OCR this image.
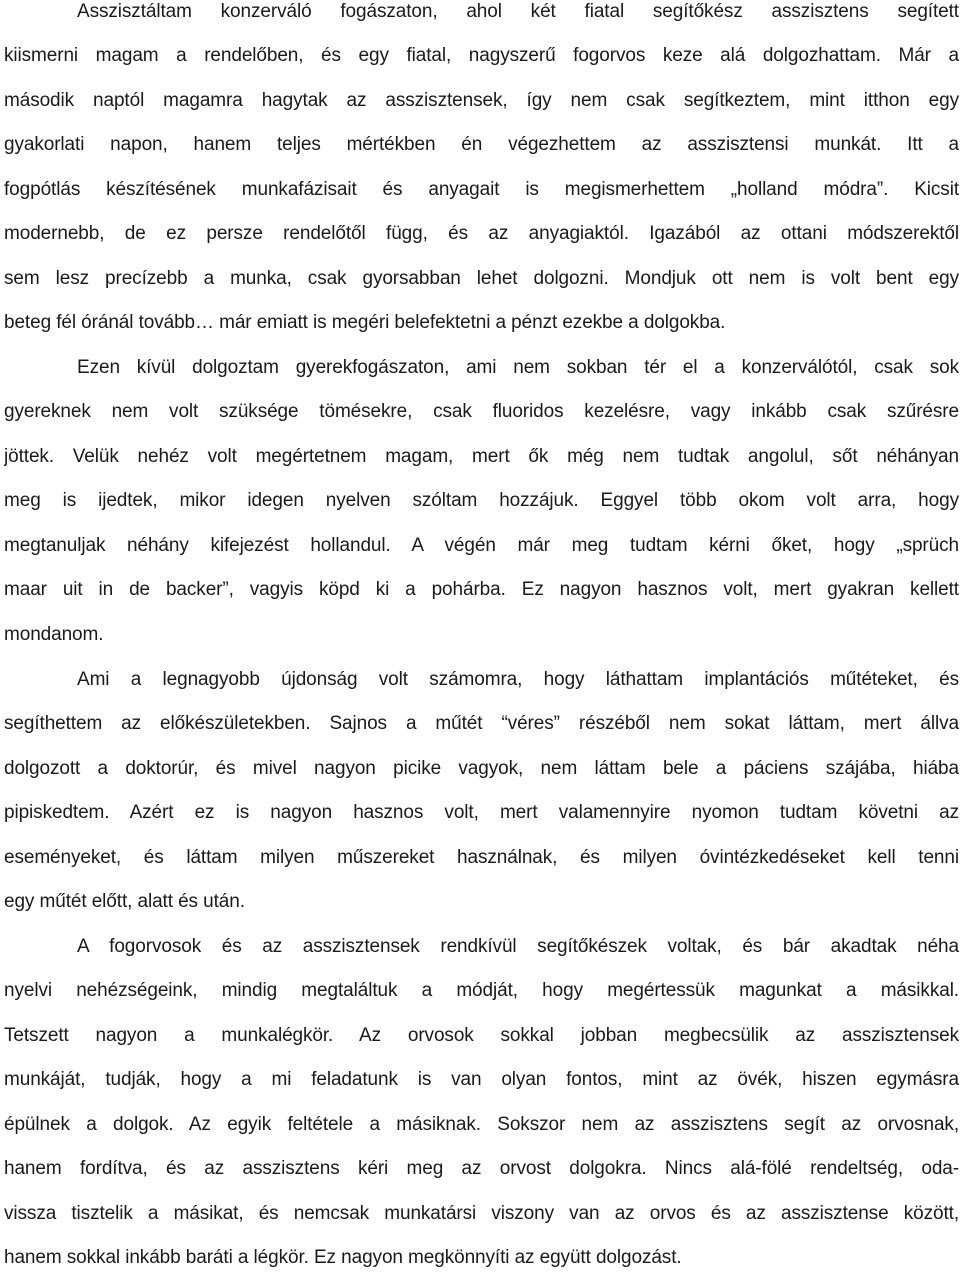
Asszisztáltam konzerváló fogászaton, ahol két fiatal segítőkész asszisztens segített
kiismerni magam a rendelőben, és egy fiatal, nagyszerű fogorvos keze alá dolgozhattam. Már a
második naptól magamra hagytak az asszisztensek, így nem csak segítkeztem, mint itthon egy
gyakorlati napon, hanem teljes mértékben én végezhettem az asszisztensi munkát. Itt a
fogpótlás készítésének munkafázisait és anyagait is megismerhettem „holland módra”. Kicsit
modernebb, de ez persze rendelőtől függ, és az anyagiaktól. Igazából az ottani módszerektől
sem lesz precízebb a munka, csak gyorsabban lehet dolgozni. Mondjuk ott nem is volt bent egy
beteg fél óránál tovább… már emiatt is megéri belefektetni a pénzt ezekbe a dolgokba.
Ezen kívül dolgoztam gyerekfogászaton, ami nem sokban tér el a konzerválótól, csak sok
gyereknek nem volt szüksége tömésekre, csak fluoridos kezelésre, vagy inkább csak szűrésre
jöttek. Velük nehéz volt megértetnem magam, mert ők még nem tudtak angolul, sőt néhányan
meg is ijedtek, mikor idegen nyelven szóltam hozzájuk. Eggyel több okom volt arra, hogy
megtanuljak néhány kifejezést hollandul. A végén már meg tudtam kérni őket, hogy „sprüch
maar uit in de backer”, vagyis köpd ki a pohárba. Ez nagyon hasznos volt, mert gyakran kellett
mondanom.
Ami a legnagyobb újdonság volt számomra, hogy láthattam implantációs műtéteket, és
segíthettem az előkészületekben. Sajnos a műtét “véres” részéből nem sokat láttam, mert állva
dolgozott a doktorúr, és mivel nagyon picike vagyok, nem láttam bele a páciens szájába, hiába
pipiskedtem. Azért ez is nagyon hasznos volt, mert valamennyire nyomon tudtam követni az
eseményeket, és láttam milyen műszereket használnak, és milyen óvintézkedéseket kell tenni
egy műtét előtt, alatt és után.
A fogorvosok és az asszisztensek rendkívül segítőkészek voltak, és bár akadtak néha
nyelvi nehézségeink, mindig megtaláltuk a módját, hogy megértessük magunkat a másikkal.
Tetszett nagyon a munkalégkör. Az orvosok sokkal jobban megbecsülik az asszisztensek
munkáját, tudják, hogy a mi feladatunk is van olyan fontos, mint az övék, hiszen egymásra
épülnek a dolgok. Az egyik feltétele a másiknak. Sokszor nem az asszisztens segít az orvosnak,
hanem fordítva, és az asszisztens kéri meg az orvost dolgokra. Nincs alá-fölé rendeltség, oda-
vissza tisztelik a másikat, és nemcsak munkatársi viszony van az orvos és az asszisztense között,
hanem sokkal inkább baráti a légkör. Ez nagyon megkönnyíti az együtt dolgozást.
